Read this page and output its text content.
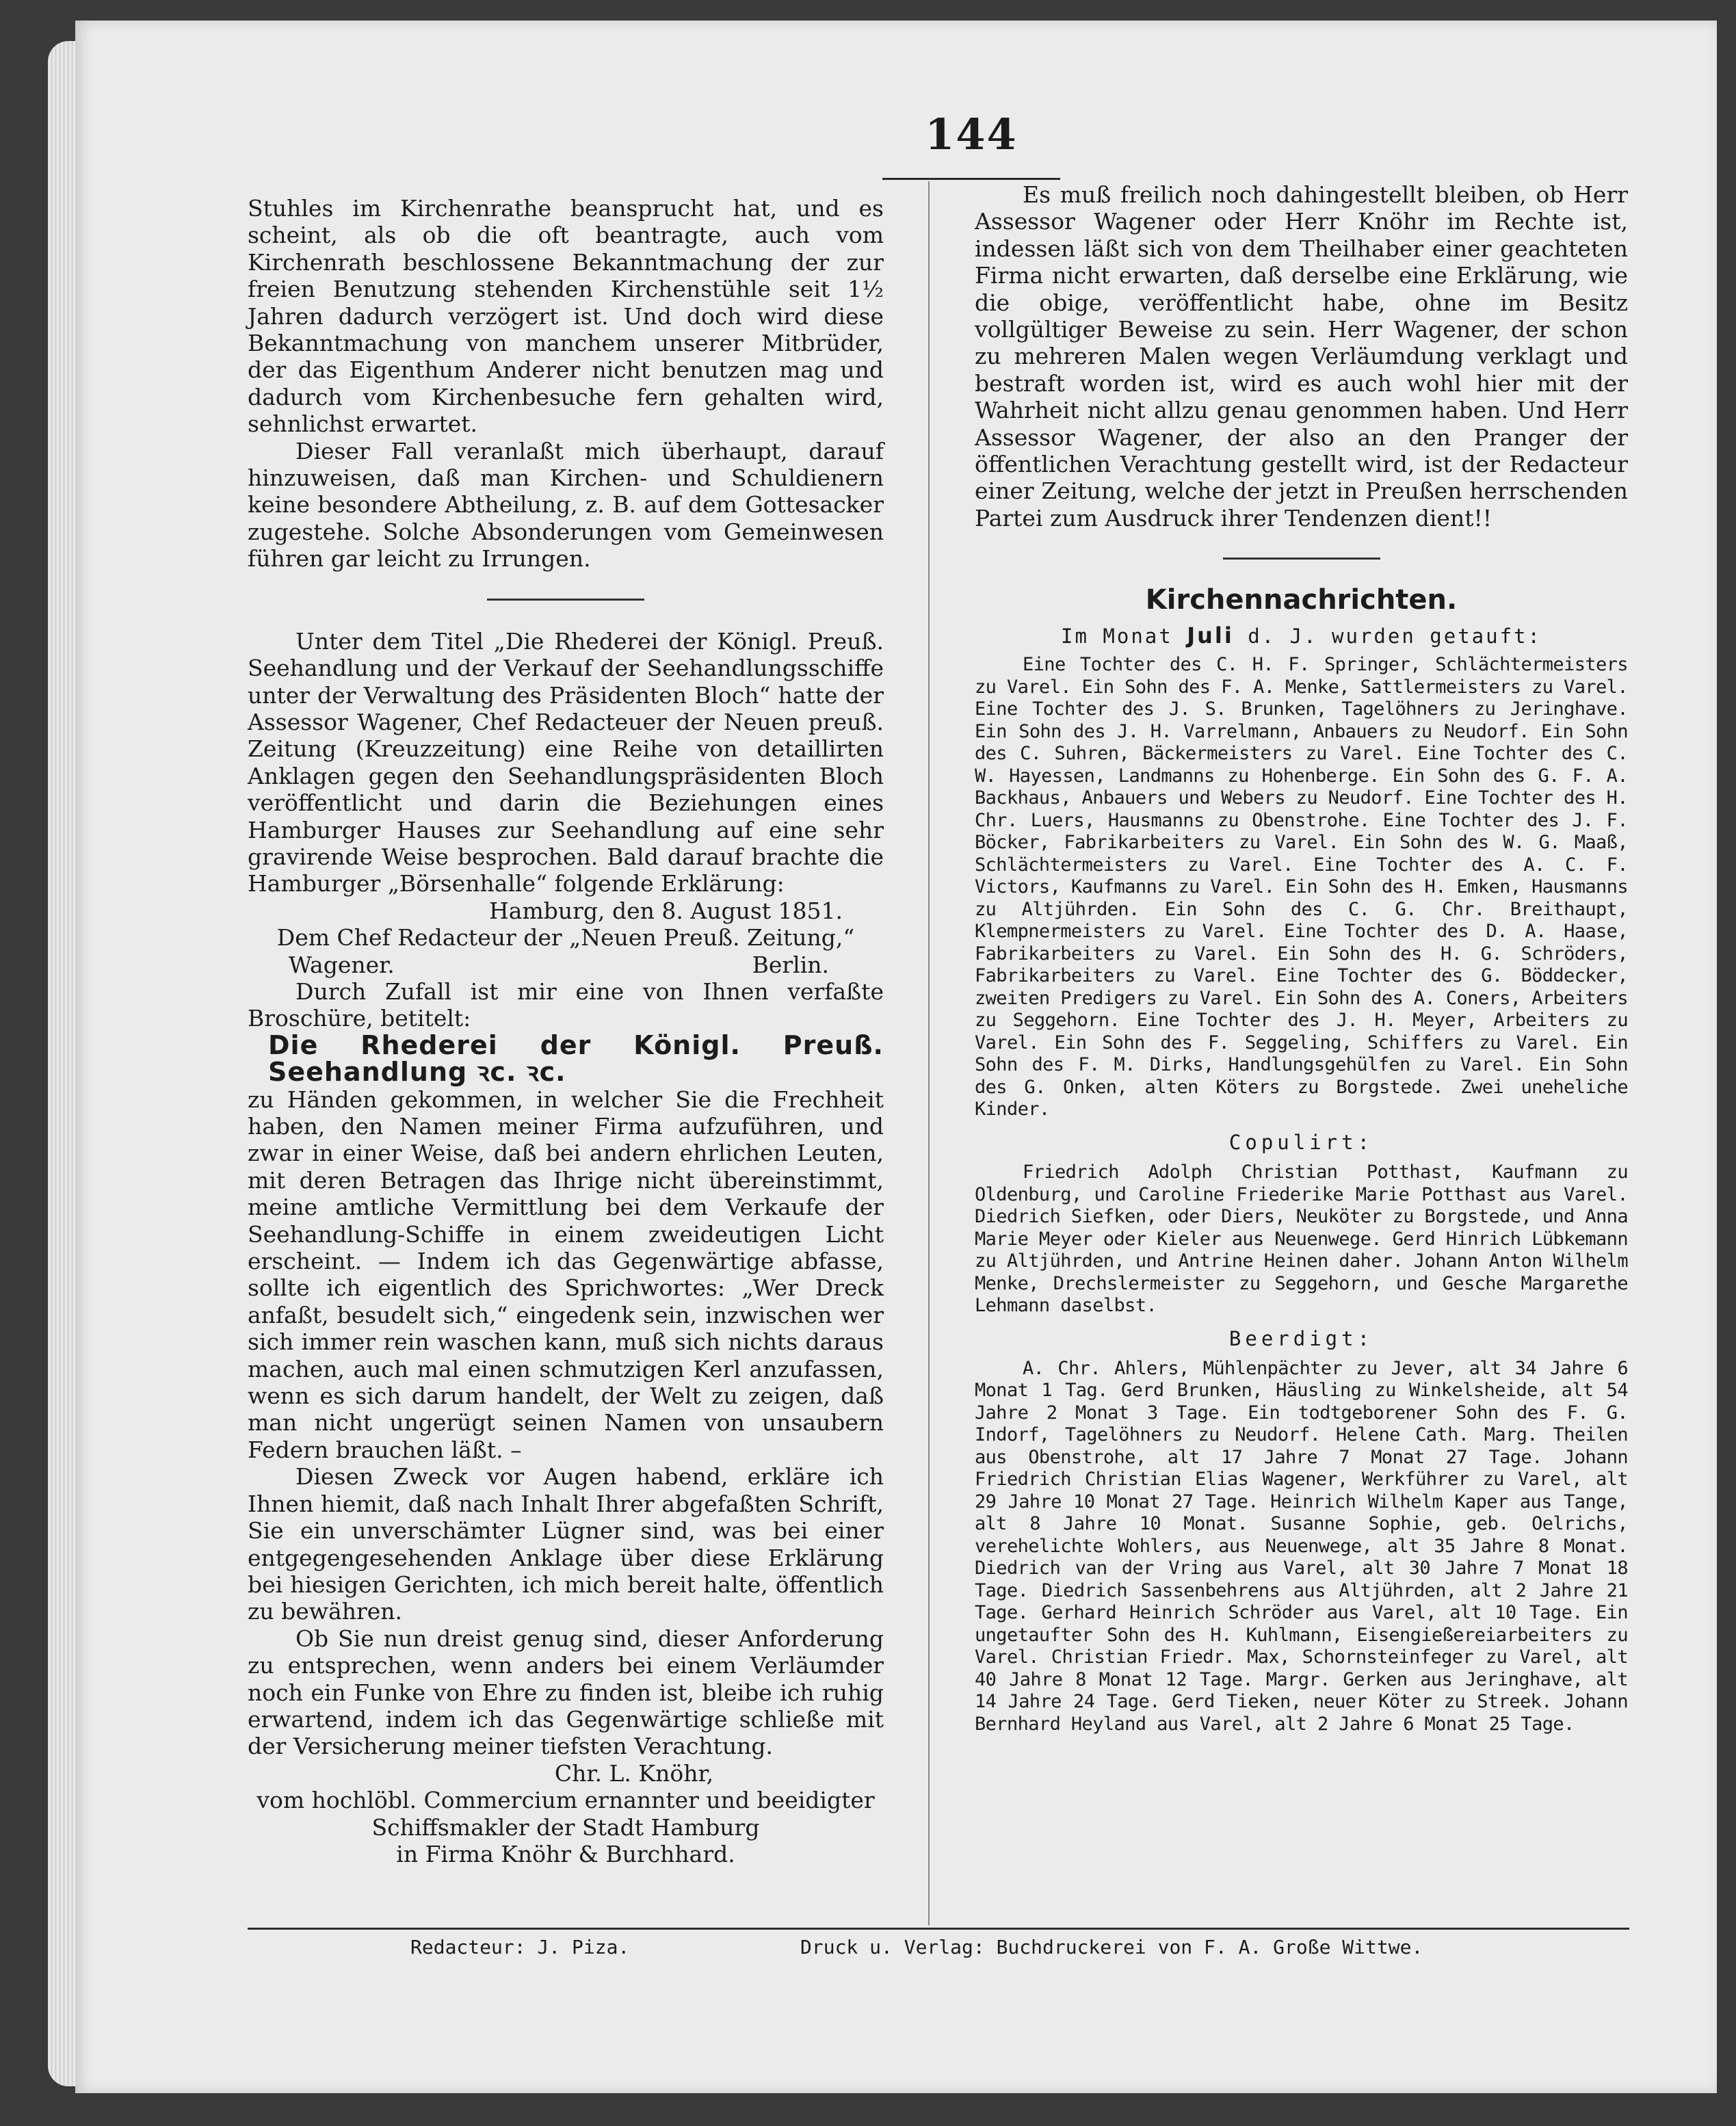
144

Stuhles im Kirchenrathe beansprucht hat, und es scheint, als ob die oft beantragte, auch vom Kirchenrath beschlossene Bekanntmachung der zur freien Benutzung stehenden Kirchenstühle seit 1½ Jahren dadurch verzögert ist. Und doch wird diese Bekanntmachung von manchem unserer Mitbrüder, der das Eigenthum Anderer nicht benutzen mag und dadurch vom Kirchenbesuche fern gehalten wird, sehnlichst erwartet.

Dieser Fall veranlaßt mich überhaupt, darauf hinzuweisen, daß man Kirchen- und Schuldienern keine besondere Abtheilung, z. B. auf dem Gottesacker zugestehe. Solche Absonderungen vom Gemeinwesen führen gar leicht zu Irrungen.

Unter dem Titel „Die Rhederei der Königl. Preuß. Seehandlung und der Verkauf der Seehandlungsschiffe unter der Verwaltung des Präsidenten Bloch“ hatte der Assessor Wagener, Chef Redacteuer der Neuen preuß. Zeitung (Kreuzzeitung) eine Reihe von detaillirten Anklagen gegen den Seehandlungspräsidenten Bloch veröffentlicht und darin die Beziehungen eines Hamburger Hauses zur Seehandlung auf eine sehr gravirende Weise besprochen. Bald darauf brachte die Hamburger „Börsenhalle“ folgende Erklärung:

Hamburg, den 8. August 1851.

Dem Chef Redacteur der „Neuen Preuß. Zeitung,“

Wagener.	Berlin.

Durch Zufall ist mir eine von Ihnen verfaßte Broschüre, betitelt:

Die Rhederei der Königl. Preuß. Seehandlung ꝛc. ꝛc.

zu Händen gekommen, in welcher Sie die Frechheit haben, den Namen meiner Firma aufzuführen, und zwar in einer Weise, daß bei andern ehrlichen Leuten, mit deren Betragen das Ihrige nicht übereinstimmt, meine amtliche Vermittlung bei dem Verkaufe der Seehandlung-Schiffe in einem zweideutigen Licht erscheint. — Indem ich das Gegenwärtige abfasse, sollte ich eigentlich des Sprichwortes: „Wer Dreck anfaßt, besudelt sich,“ eingedenk sein, inzwischen wer sich immer rein waschen kann, muß sich nichts daraus machen, auch mal einen schmutzigen Kerl anzufassen, wenn es sich darum handelt, der Welt zu zeigen, daß man nicht ungerügt seinen Namen von unsaubern Federn brauchen läßt. –

Diesen Zweck vor Augen habend, erkläre ich Ihnen hiemit, daß nach Inhalt Ihrer abgefaßten Schrift, Sie ein unverschämter Lügner sind, was bei einer entgegengesehenden Anklage über diese Erklärung bei hiesigen Gerichten, ich mich bereit halte, öffentlich zu bewähren.

Ob Sie nun dreist genug sind, dieser Anforderung zu entsprechen, wenn anders bei einem Verläumder noch ein Funke von Ehre zu finden ist, bleibe ich ruhig erwartend, indem ich das Gegenwärtige schließe mit der Versicherung meiner tiefsten Verachtung.

Chr. L. Knöhr,

vom hochlöbl. Commercium ernannter und beeidigter

Schiffsmakler der Stadt Hamburg

in Firma Knöhr & Burchhard.

Es muß freilich noch dahingestellt bleiben, ob Herr Assessor Wagener oder Herr Knöhr im Rechte ist, indessen läßt sich von dem Theilhaber einer geachteten Firma nicht erwarten, daß derselbe eine Erklärung, wie die obige, veröffentlicht habe, ohne im Besitz vollgültiger Beweise zu sein. Herr Wagener, der schon zu mehreren Malen wegen Verläumdung verklagt und bestraft worden ist, wird es auch wohl hier mit der Wahrheit nicht allzu genau genommen haben. Und Herr Assessor Wagener, der also an den Pranger der öffentlichen Verachtung gestellt wird, ist der Redacteur einer Zeitung, welche der jetzt in Preußen herrschenden Partei zum Ausdruck ihrer Tendenzen dient!!

Kirchennachrichten.
Im Monat Juli d. J. wurden getauft:

Eine Tochter des C. H. F. Springer, Schlächtermeisters zu Varel. Ein Sohn des F. A. Menke, Sattlermeisters zu Varel. Eine Tochter des J. S. Brunken, Tagelöhners zu Jeringhave. Ein Sohn des J. H. Varrelmann, Anbauers zu Neudorf. Ein Sohn des C. Suhren, Bäckermeisters zu Varel. Eine Tochter des C. W. Hayessen, Landmanns zu Hohenberge. Ein Sohn des G. F. A. Backhaus, Anbauers und Webers zu Neudorf. Eine Tochter des H. Chr. Luers, Hausmanns zu Obenstrohe. Eine Tochter des J. F. Böcker, Fabrikarbeiters zu Varel. Ein Sohn des W. G. Maaß, Schlächtermeisters zu Varel. Eine Tochter des A. C. F. Victors, Kaufmanns zu Varel. Ein Sohn des H. Emken, Hausmanns zu Altjührden. Ein Sohn des C. G. Chr. Breithaupt, Klempnermeisters zu Varel. Eine Tochter des D. A. Haase, Fabrikarbeiters zu Varel. Ein Sohn des H. G. Schröders, Fabrikarbeiters zu Varel. Eine Tochter des G. Böddecker, zweiten Predigers zu Varel. Ein Sohn des A. Coners, Arbeiters zu Seggehorn. Eine Tochter des J. H. Meyer, Arbeiters zu Varel. Ein Sohn des F. Seggeling, Schiffers zu Varel. Ein Sohn des F. M. Dirks, Handlungsgehülfen zu Varel. Ein Sohn des G. Onken, alten Köters zu Borgstede. Zwei uneheliche Kinder.

Copulirt:

Friedrich Adolph Christian Potthast, Kaufmann zu Oldenburg, und Caroline Friederike Marie Potthast aus Varel. Diedrich Siefken, oder Diers, Neuköter zu Borgstede, und Anna Marie Meyer oder Kieler aus Neuenwege. Gerd Hinrich Lübkemann zu Altjührden, und Antrine Heinen daher. Johann Anton Wilhelm Menke, Drechslermeister zu Seggehorn, und Gesche Margarethe Lehmann daselbst.

Beerdigt:

A. Chr. Ahlers, Mühlenpächter zu Jever, alt 34 Jahre 6 Monat 1 Tag. Gerd Brunken, Häusling zu Winkelsheide, alt 54 Jahre 2 Monat 3 Tage. Ein todtgeborener Sohn des F. G. Indorf, Tagelöhners zu Neudorf. Helene Cath. Marg. Theilen aus Obenstrohe, alt 17 Jahre 7 Monat 27 Tage. Johann Friedrich Christian Elias Wagener, Werkführer zu Varel, alt 29 Jahre 10 Monat 27 Tage. Heinrich Wilhelm Kaper aus Tange, alt 8 Jahre 10 Monat. Susanne Sophie, geb. Oelrichs, verehelichte Wohlers, aus Neuenwege, alt 35 Jahre 8 Monat. Diedrich van der Vring aus Varel, alt 30 Jahre 7 Monat 18 Tage. Diedrich Sassenbehrens aus Altjührden, alt 2 Jahre 21 Tage. Gerhard Heinrich Schröder aus Varel, alt 10 Tage. Ein ungetaufter Sohn des H. Kuhlmann, Eisengießereiarbeiters zu Varel. Christian Friedr. Max, Schornsteinfeger zu Varel, alt 40 Jahre 8 Monat 12 Tage. Margr. Gerken aus Jeringhave, alt 14 Jahre 24 Tage. Gerd Tieken, neuer Köter zu Streek. Johann Bernhard Heyland aus Varel, alt 2 Jahre 6 Monat 25 Tage.

Redacteur: J. Piza.	Druck u. Verlag: Buchdruckerei von F. A. Große Wittwe.
